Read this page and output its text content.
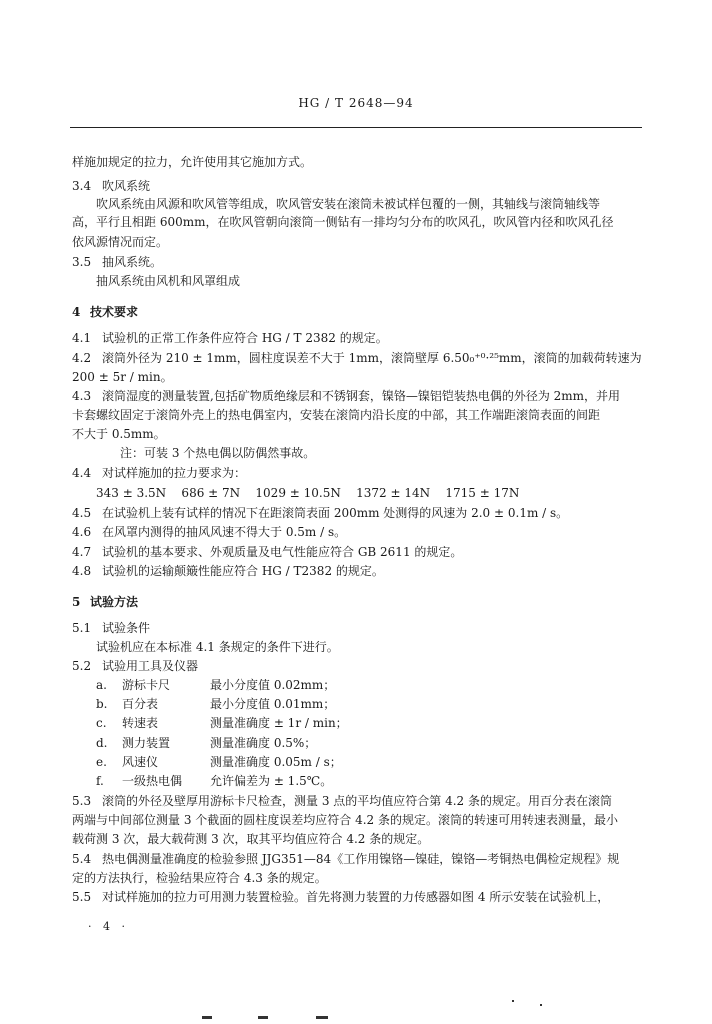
HG / T 2648—94
样施加规定的拉力，允许使用其它施加方式。
3.4 吹风系统
吹风系统由风源和吹风管等组成，吹风管安装在滚筒未被试样包覆的一侧，其轴线与滚筒轴线等
高，平行且相距 600mm，在吹风管朝向滚筒一侧钻有一排均匀分布的吹风孔，吹风管内径和吹风孔径
依风源情况而定。
3.5 抽风系统。
抽风系统由风机和风罩组成
4 技术要求
4.1 试验机的正常工作条件应符合 HG / T 2382 的规定。
4.2 滚筒外径为 210 ± 1mm，圆柱度误差不大于 1mm，滚筒壁厚 6.50₀⁺⁰·²⁵mm，滚筒的加载荷转速为
200 ± 5r / min。
4.3 滚筒湿度的测量装置,包括矿物质绝缘层和不锈钢套，镍铬—镍铝铠装热电偶的外径为 2mm，并用
卡套螺纹固定于滚筒外壳上的热电偶室内，安装在滚筒内沿长度的中部，其工作端距滚筒表面的间距
不大于 0.5mm。
注：可装 3 个热电偶以防偶然事故。
4.4 对试样施加的拉力要求为：
343 ± 3.5N    686 ± 7N    1029 ± 10.5N    1372 ± 14N    1715 ± 17N
4.5 在试验机上装有试样的情况下在距滚筒表面 200mm 处测得的风速为 2.0 ± 0.1m / s。
4.6 在风罩内测得的抽风风速不得大于 0.5m / s。
4.7 试验机的基本要求、外观质量及电气性能应符合 GB 2611 的规定。
4.8 试验机的运输颠簸性能应符合 HG / T2382 的规定。
5 试验方法
5.1 试验条件
试验机应在本标准 4.1 条规定的条件下进行。
5.2 试验用工具及仪器
a. 游标卡尺	最小分度值 0.02mm；
b. 百分表	最小分度值 0.01mm；
c. 转速表	测量准确度 ± 1r / min；
d. 测力装置	测量准确度 0.5%；
e. 风速仪	测量准确度 0.05m / s；
f. 一级热电偶 允许偏差为 ± 1.5℃。
5.3 滚筒的外径及壁厚用游标卡尺检查，测量 3 点的平均值应符合第 4.2 条的规定。用百分表在滚筒
两端与中间部位测量 3 个截面的圆柱度误差均应符合 4.2 条的规定。滚筒的转速可用转速表测量，最小
载荷测 3 次，最大载荷测 3 次，取其平均值应符合 4.2 条的规定。
5.4 热电偶测量准确度的检验参照 JJG351—84《工作用镍铬—镍硅，镍铬—考铜热电偶检定规程》规
定的方法执行，检验结果应符合 4.3 条的规定。
5.5 对试样施加的拉力可用测力装置检验。首先将测力装置的力传感器如图 4 所示安装在试验机上，
· 4 ·
